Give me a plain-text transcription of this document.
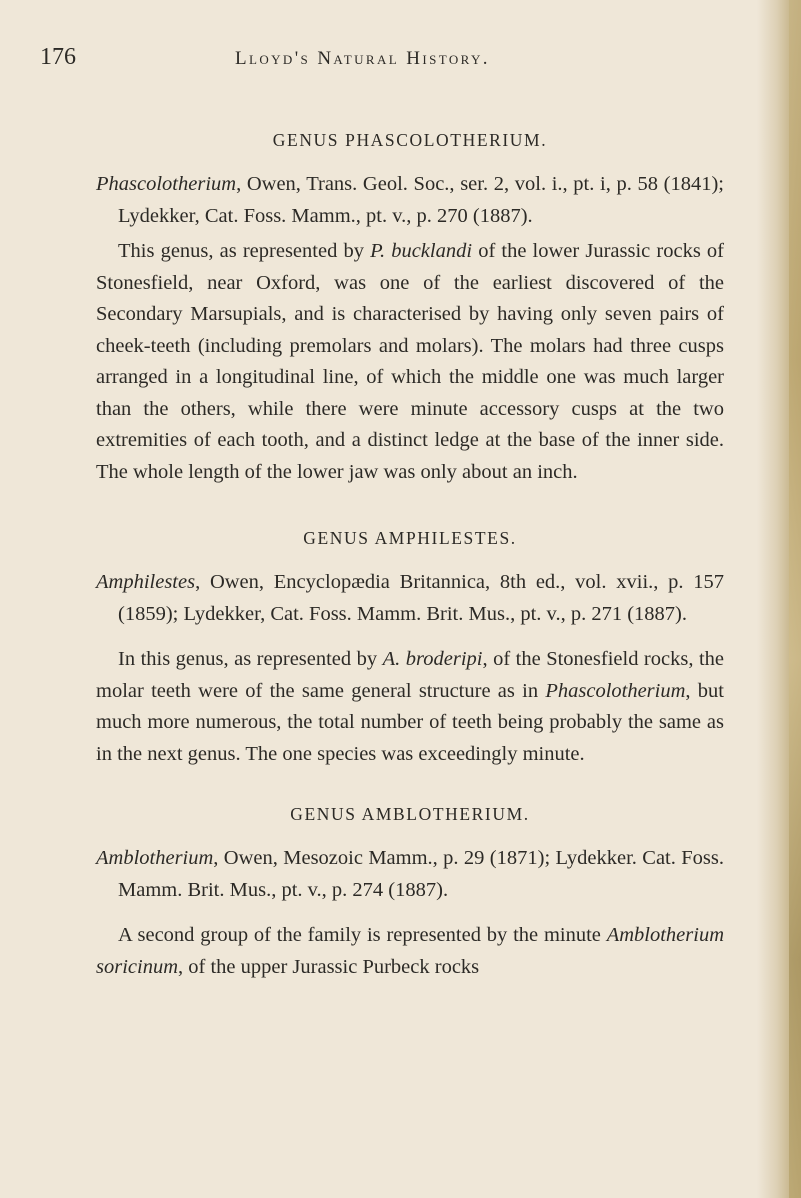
176	Lloyd's Natural History.
GENUS PHASCOLOTHERIUM.

Phascolotherium, Owen, Trans. Geol. Soc., ser. 2, vol. i., pt. i, p. 58 (1841); Lydekker, Cat. Foss. Mamm., pt. v., p. 270 (1887).

This genus, as represented by P. bucklandi of the lower Jurassic rocks of Stonesfield, near Oxford, was one of the earliest discovered of the Secondary Marsupials, and is characterised by having only seven pairs of cheek-teeth (including premolars and molars). The molars had three cusps arranged in a longitudinal line, of which the middle one was much larger than the others, while there were minute accessory cusps at the two extremities of each tooth, and a distinct ledge at the base of the inner side. The whole length of the lower jaw was only about an inch.

GENUS AMPHILESTES.

Amphilestes, Owen, Encyclopædia Britannica, 8th ed., vol. xvii., p. 157 (1859); Lydekker, Cat. Foss. Mamm. Brit. Mus., pt. v., p. 271 (1887).

In this genus, as represented by A. broderipi, of the Stonesfield rocks, the molar teeth were of the same general structure as in Phascolotherium, but much more numerous, the total number of teeth being probably the same as in the next genus. The one species was exceedingly minute.

GENUS AMBLOTHERIUM.

Amblotherium, Owen, Mesozoic Mamm., p. 29 (1871); Lydekker. Cat. Foss. Mamm. Brit. Mus., pt. v., p. 274 (1887).

A second group of the family is represented by the minute Amblotherium soricinum, of the upper Jurassic Purbeck rocks
